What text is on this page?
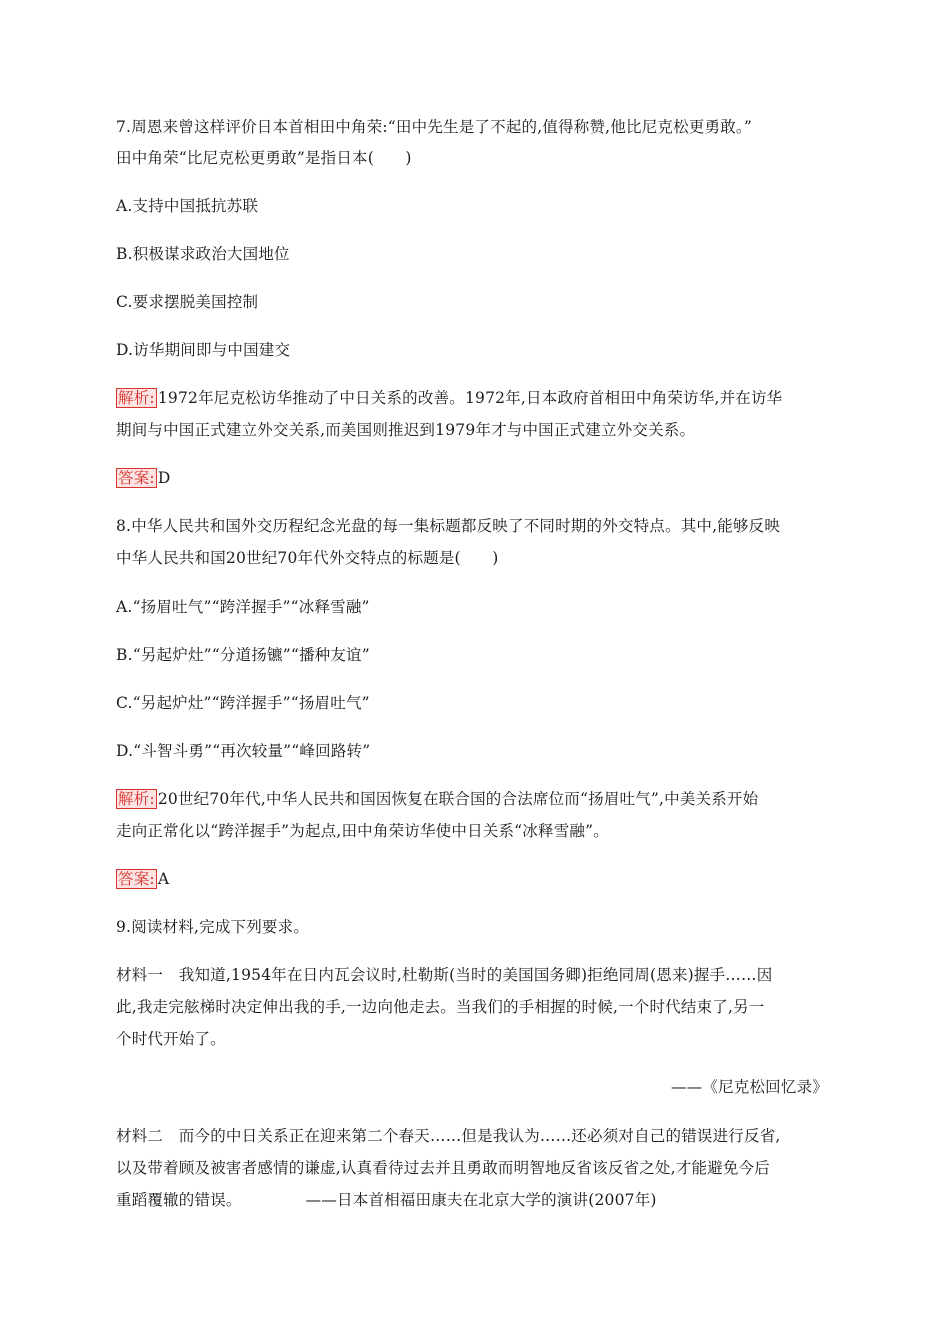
7.周恩来曾这样评价日本首相田中角荣:“田中先生是了不起的,值得称赞,他比尼克松更勇敢。”
田中角荣“比尼克松更勇敢”是指日本(　　)
A.支持中国抵抗苏联
B.积极谋求政治大国地位
C.要求摆脱美国控制
D.访华期间即与中国建交
解析: 1972年尼克松访华推动了中日关系的改善。1972年,日本政府首相田中角荣访华,并在访华
期间与中国正式建立外交关系,而美国则推迟到1979年才与中国正式建立外交关系。
答案: D
8.中华人民共和国外交历程纪念光盘的每一集标题都反映了不同时期的外交特点。其中,能够反映
中华人民共和国20世纪70年代外交特点的标题是(　　)
A.“扬眉吐气”“跨洋握手”“冰释雪融”
B.“另起炉灶”“分道扬镳”“播种友谊”
C.“另起炉灶”“跨洋握手”“扬眉吐气”
D.“斗智斗勇”“再次较量”“峰回路转”
解析: 20世纪70年代,中华人民共和国因恢复在联合国的合法席位而“扬眉吐气”,中美关系开始
走向正常化以“跨洋握手”为起点,田中角荣访华使中日关系“冰释雪融”。
答案: A
9.阅读材料,完成下列要求。
材料一　我知道,1954年在日内瓦会议时,杜勒斯(当时的美国国务卿)拒绝同周(恩来)握手……因
此,我走完舷梯时决定伸出我的手,一边向他走去。当我们的手相握的时候,一个时代结束了,另一
个时代开始了。
——《尼克松回忆录》
材料二　而今的中日关系正在迎来第二个春天……但是我认为……还必须对自己的错误进行反省,
以及带着顾及被害者感情的谦虚,认真看待过去并且勇敢而明智地反省该反省之处,才能避免今后
重蹈覆辙的错误。	——日本首相福田康夫在北京大学的演讲(2007年)
